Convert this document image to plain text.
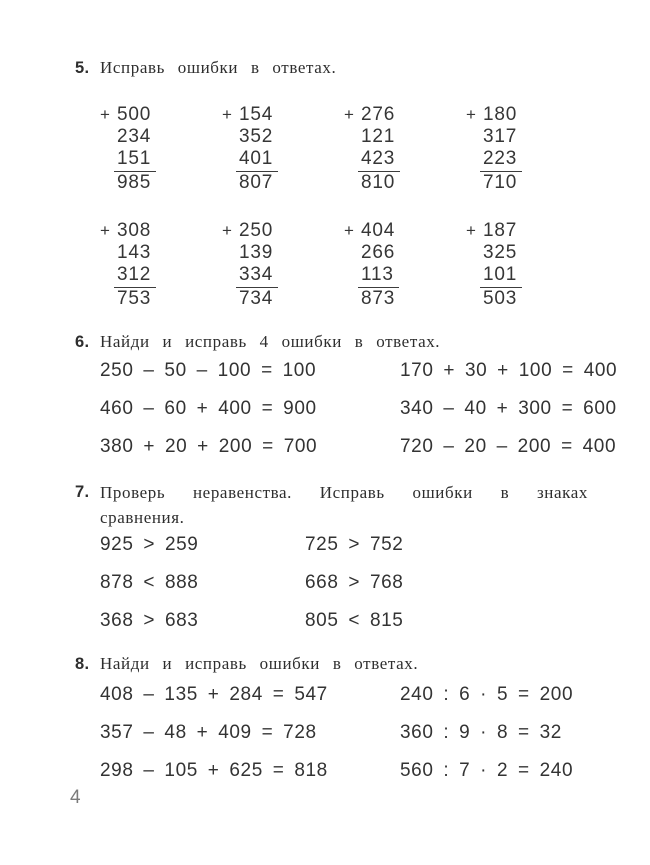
5. Исправь ошибки в ответах.
+ 500
234
151
985
+ 154
352
401
807
+ 276
121
423
810
+ 180
317
223
710
+ 308
143
312
753
+ 250
139
334
734
+ 404
266
113
873
+ 187
325
101
503
6. Найди и исправь 4 ошибки в ответах.
250 – 50 – 100 = 100	170 + 30 + 100 = 400
460 – 60 + 400 = 900	340 – 40 + 300 = 600
380 + 20 + 200 = 700	720 – 20 – 200 = 400
7. Проверь неравенства. Исправь ошибки в знаках
сравнения.
925 > 259	725 > 752
878 < 888	668 > 768
368 > 683	805 < 815
8. Найди и исправь ошибки в ответах.
408 – 135 + 284 = 547	240 : 6 · 5 = 200
357 – 48 + 409 = 728	360 : 9 · 8 = 32
298 – 105 + 625 = 818	560 : 7 · 2 = 240
4
